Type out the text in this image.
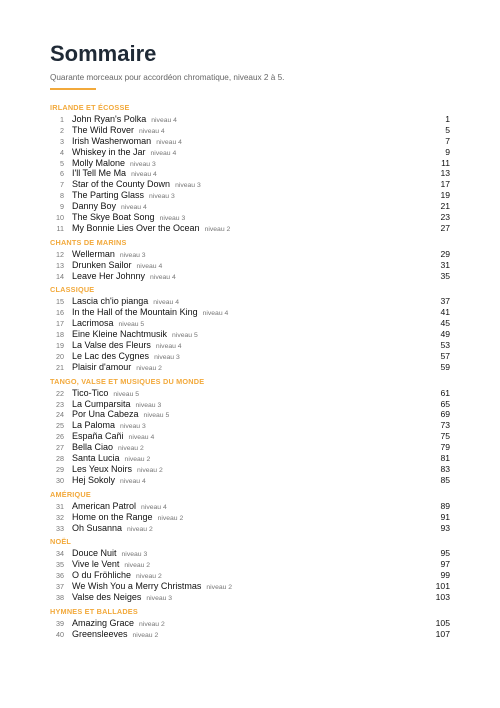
Sommaire
Quarante morceaux pour accordéon chromatique, niveaux 2 à 5.
IRLANDE ET ÉCOSSE
1 John Ryan's Polka niveau 4	1
2 The Wild Rover niveau 4	5
3 Irish Washerwoman niveau 4	7
4 Whiskey in the Jar niveau 4	9
5 Molly Malone niveau 3	11
6 I'll Tell Me Ma niveau 4	13
7 Star of the County Down niveau 3	17
8 The Parting Glass niveau 3	19
9 Danny Boy niveau 4	21
10 The Skye Boat Song niveau 3	23
11 My Bonnie Lies Over the Ocean niveau 2	27
CHANTS DE MARINS
12 Wellerman niveau 3	29
13 Drunken Sailor niveau 4	31
14 Leave Her Johnny niveau 4	35
CLASSIQUE
15 Lascia ch'io pianga niveau 4	37
16 In the Hall of the Mountain King niveau 4	41
17 Lacrimosa niveau 5	45
18 Eine Kleine Nachtmusik niveau 5	49
19 La Valse des Fleurs niveau 4	53
20 Le Lac des Cygnes niveau 3	57
21 Plaisir d'amour niveau 2	59
TANGO, VALSE ET MUSIQUES DU MONDE
22 Tico-Tico niveau 5	61
23 La Cumparsita niveau 3	65
24 Por Una Cabeza niveau 5	69
25 La Paloma niveau 3	73
26 España Cañi niveau 4	75
27 Bella Ciao niveau 2	79
28 Santa Lucia niveau 2	81
29 Les Yeux Noirs niveau 2	83
30 Hej Sokoly niveau 4	85
AMÉRIQUE
31 American Patrol niveau 4	89
32 Home on the Range niveau 2	91
33 Oh Susanna niveau 2	93
NOËL
34 Douce Nuit niveau 3	95
35 Vive le Vent niveau 2	97
36 O du Fröhliche niveau 2	99
37 We Wish You a Merry Christmas niveau 2	101
38 Valse des Neiges niveau 3	103
HYMNES ET BALLADES
39 Amazing Grace niveau 2	105
40 Greensleeves niveau 2	107
